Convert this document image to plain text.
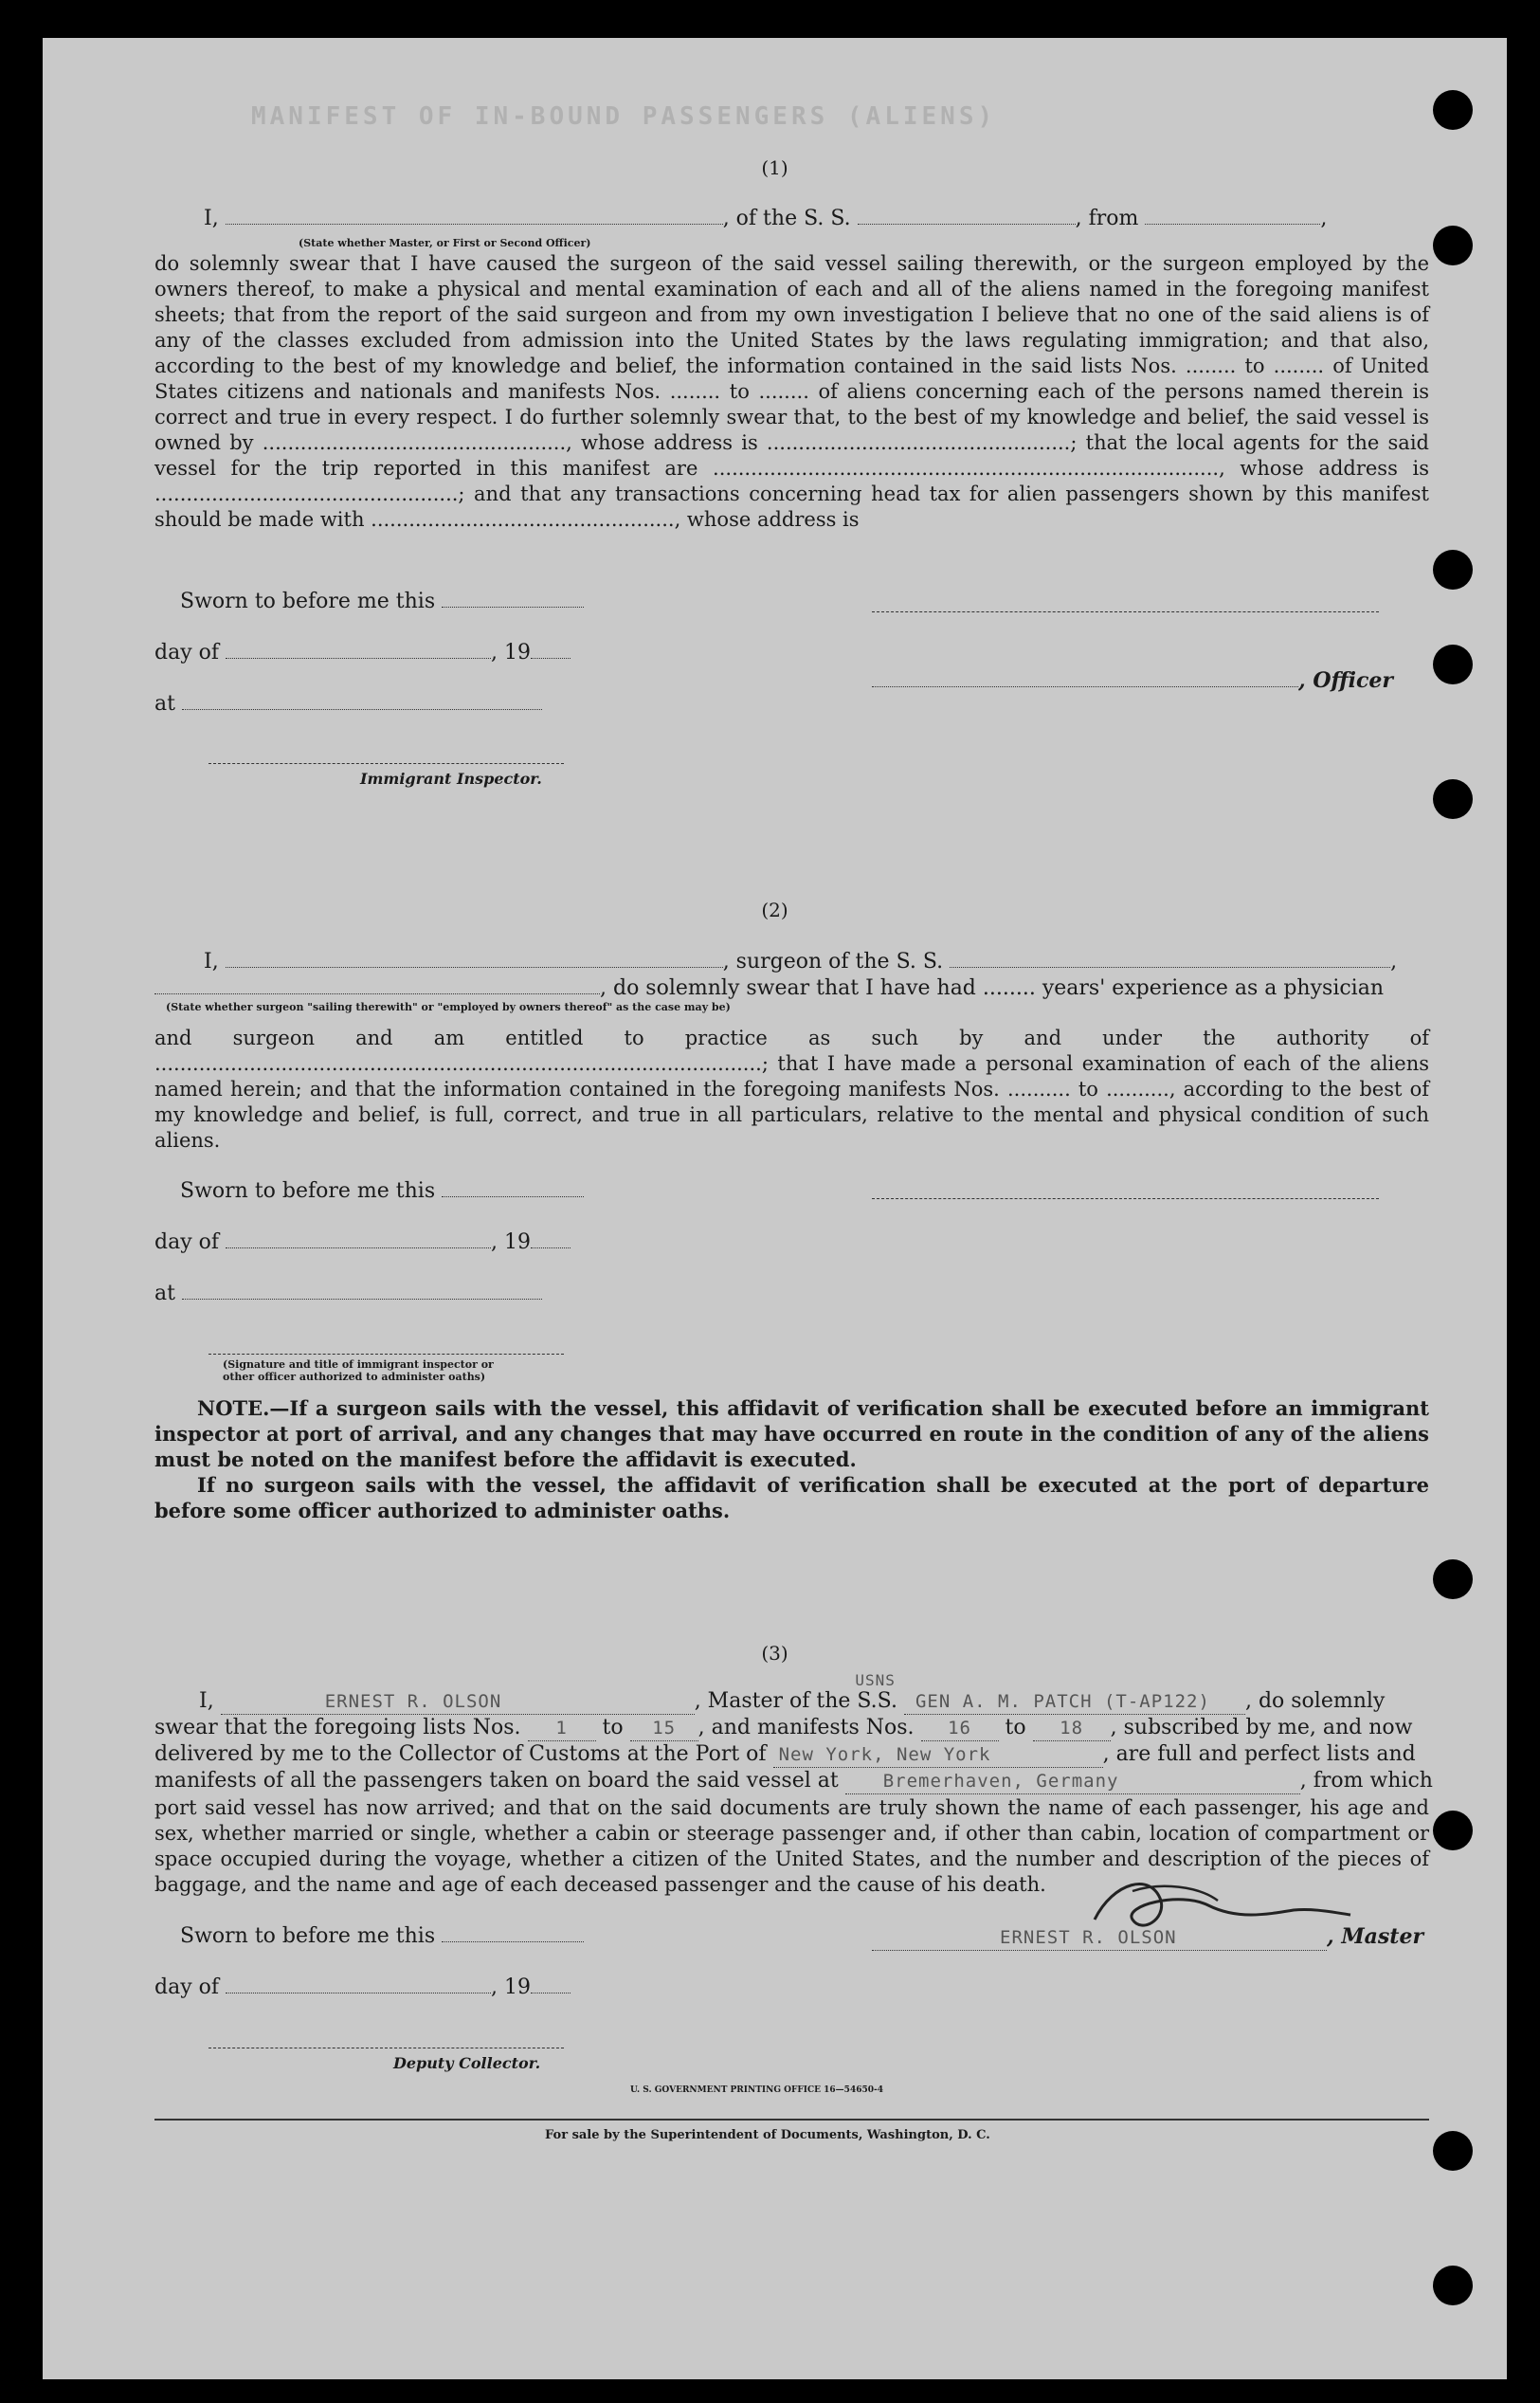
MANIFEST OF IN-BOUND PASSENGERS (ALIENS)
(1)
I,	, of the S. S.	, from	,
(State whether Master, or First or Second Officer)
do solemnly swear that I have caused the surgeon of the said vessel sailing therewith, or the surgeon employed by the owners thereof, to make a physical and mental examination of each and all of the aliens named in the foregoing manifest sheets; that from the report of the said surgeon and from my own investigation I believe that no one of the said aliens is of any of the classes excluded from admission into the United States by the laws regulating immigration; and that also, according to the best of my knowledge and belief, the information contained in the said lists Nos. ........ to ........ of United States citizens and nationals and manifests Nos. ........ to ........ of aliens concerning each of the persons named therein is correct and true in every respect. I do further solemnly swear that, to the best of my knowledge and belief, the said vessel is owned by ................................................, whose address is ................................................; that the local agents for the said vessel for the trip reported in this manifest are ................................................................................, whose address is ................................................; and that any transactions concerning head tax for alien passengers shown by this manifest should be made with ................................................, whose address is
Sworn to before me this
day of	, 19
, Officer
at
Immigrant Inspector.
(2)
I,	, surgeon of the S. S.	,
, do solemnly swear that I have had ........ years' experience as a physician
(State whether surgeon "sailing therewith" or "employed by owners thereof" as the case may be)
and surgeon and am entitled to practice as such by and under the authority of ................................................................................................; that I have made a personal examination of each of the aliens named herein; and that the information contained in the foregoing manifests Nos. .......... to .........., according to the best of my knowledge and belief, is full, correct, and true in all particulars, relative to the mental and physical condition of such aliens.
Sworn to before me this
day of	, 19
at
(Signature and title of immigrant inspector or
other officer authorized to administer oaths)
NOTE.—If a surgeon sails with the vessel, this affidavit of verification shall be executed before an immigrant inspector at port of arrival, and any changes that may have occurred en route in the condition of any of the aliens must be noted on the manifest before the affidavit is executed.
If no surgeon sails with the vessel, the affidavit of verification shall be executed at the port of departure before some officer authorized to administer oaths.
(3)
I,	ERNEST R. OLSON	, Master of the S.S.
USNS
GEN A. M. PATCH (T-AP122) , do solemnly
swear that the foregoing lists Nos. 1 to 15 , and manifests Nos. 16 to 18 , subscribed by me, and now
delivered by me to the Collector of Customs at the Port of New York, New York	, are full and perfect lists and
manifests of all the passengers taken on board the said vessel at Bremerhaven, Germany	, from which
port said vessel has now arrived; and that on the said documents are truly shown the name of each passenger, his age and sex, whether married or single, whether a cabin or steerage passenger and, if other than cabin, location of compartment or space occupied during the voyage, whether a citizen of the United States, and the number and description of the pieces of baggage, and the name and age of each deceased passenger and the cause of his death.
Sworn to before me this	ERNEST R. OLSON	, Master
day of	, 19
Deputy Collector.
U. S. GOVERNMENT PRINTING OFFICE 16—54650-4
For sale by the Superintendent of Documents, Washington, D. C.
